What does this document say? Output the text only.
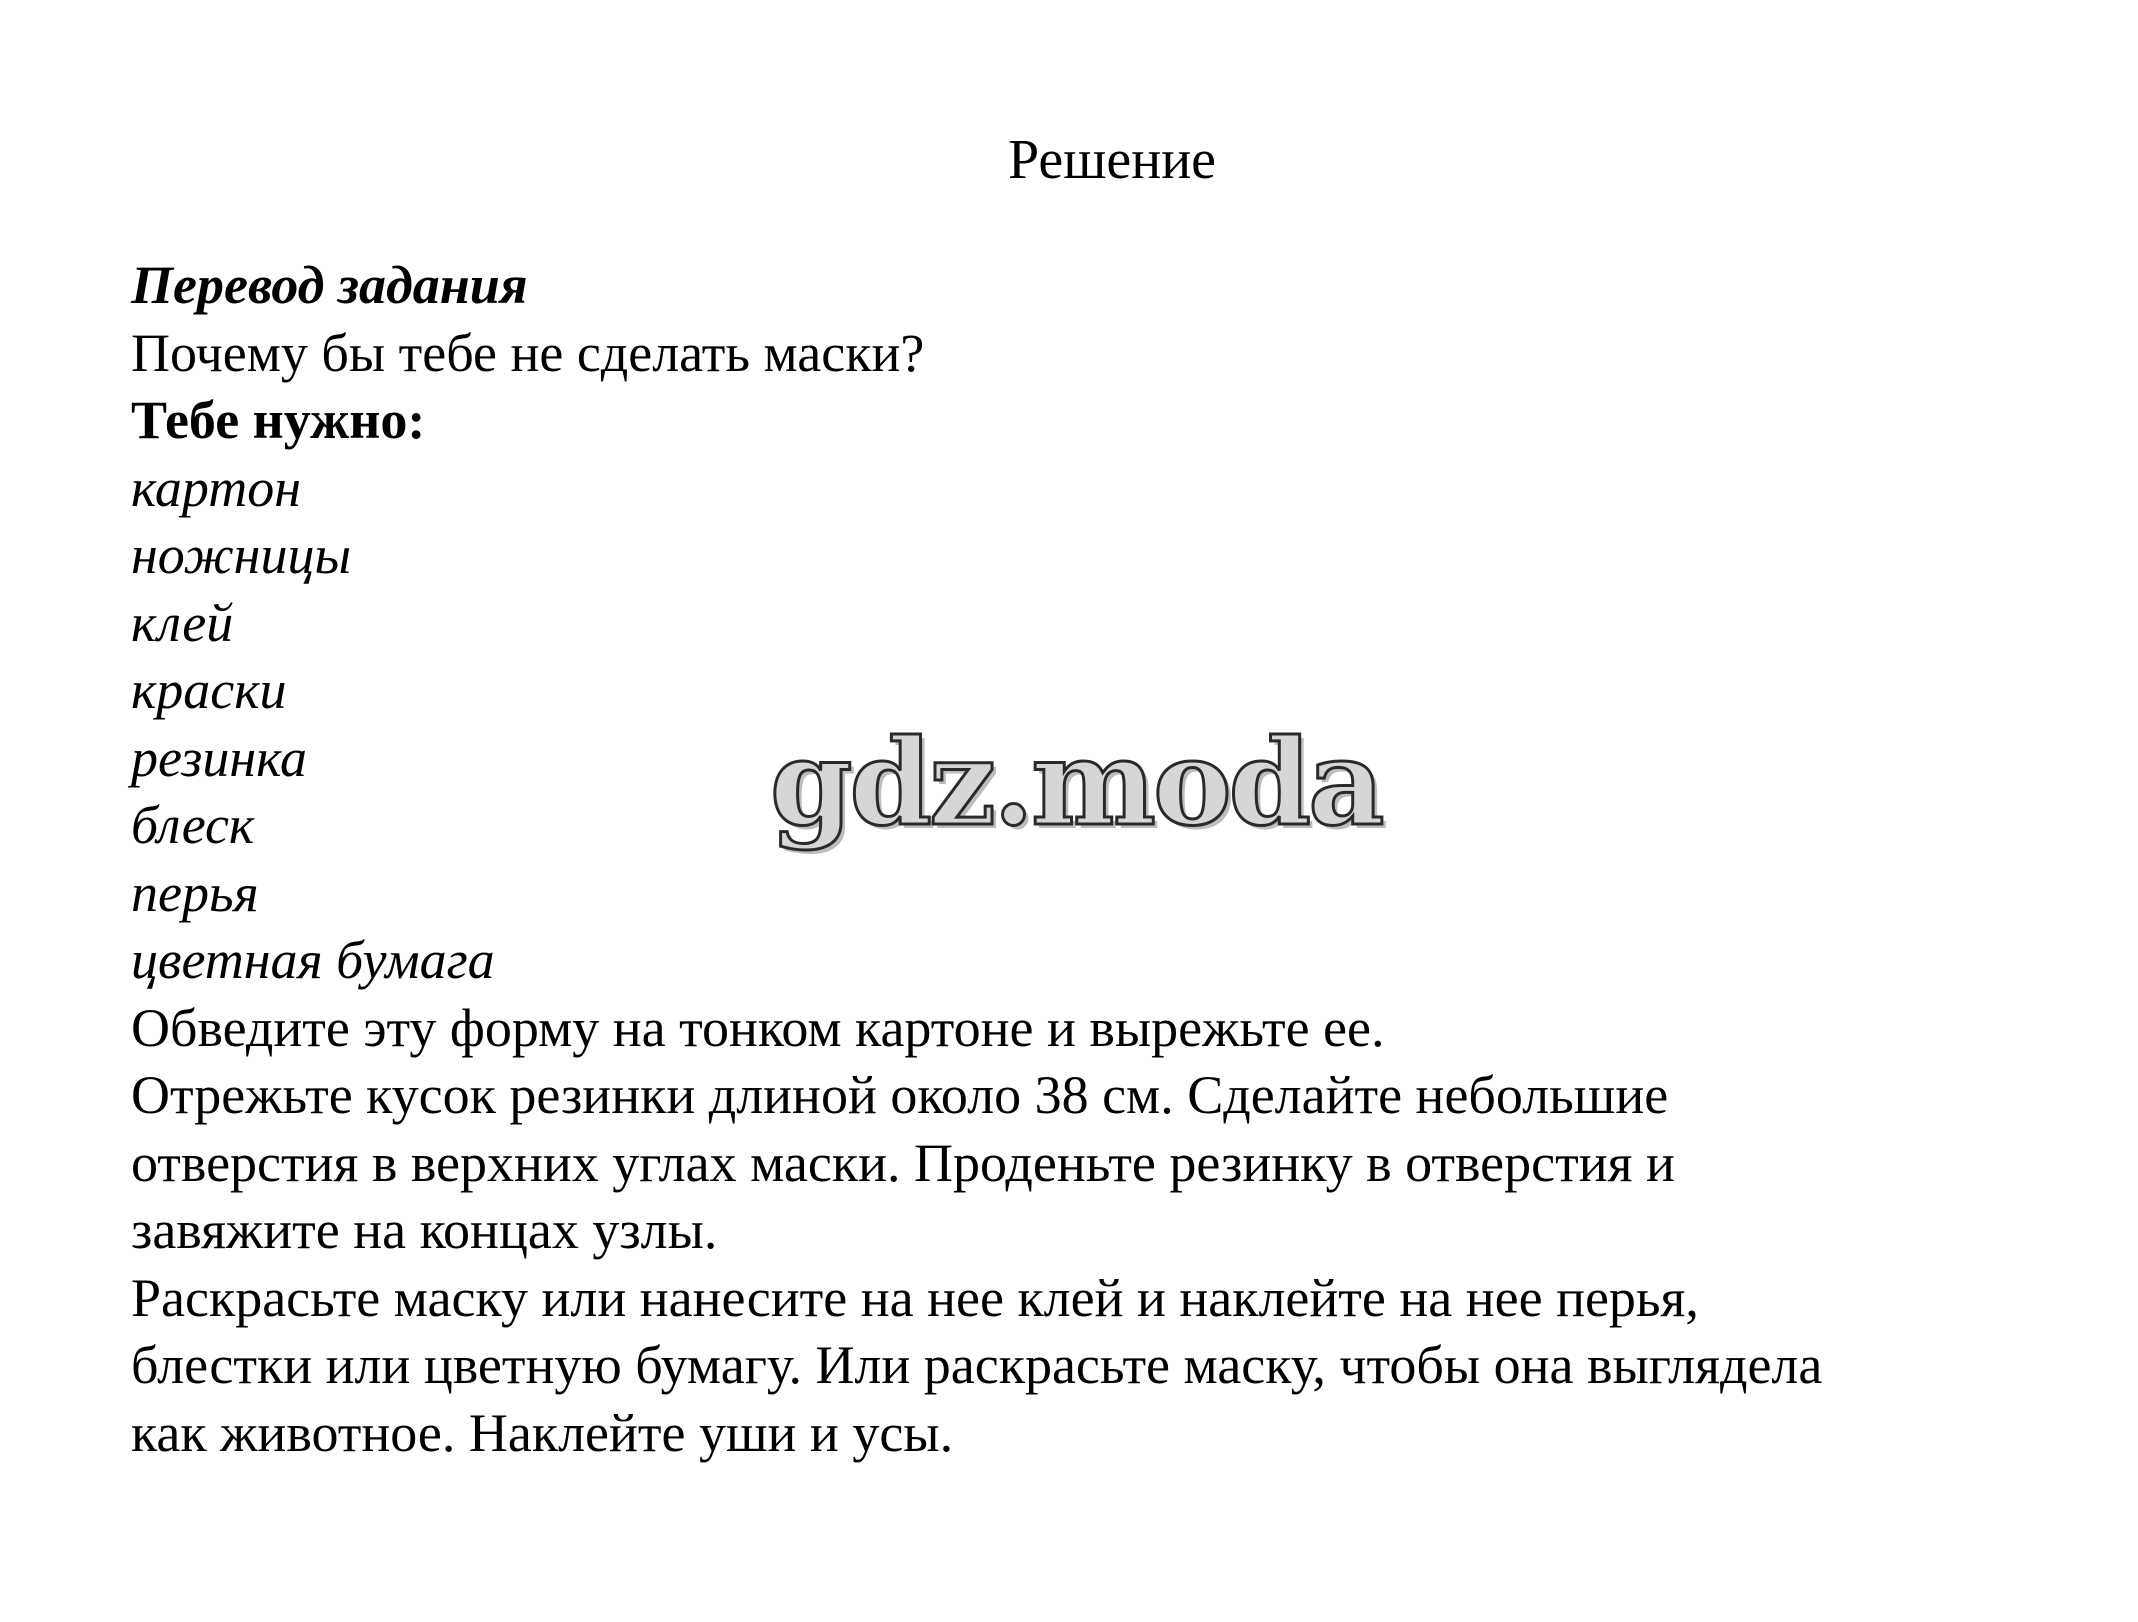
Решение

Перевод задания

Почему бы тебе не сделать маски?

Тебе нужно:

картон
ножницы
клей
краски
резинка
блеск
перья
цветная бумага

Обведите эту форму на тонком картоне и вырежьте ее.

Отрежьте кусок резинки длиной около 38 см. Сделайте небольшие

отверстия в верхних углах маски. Проденьте резинку в отверстия и

завяжите на концах узлы.

Раскрасьте маску или нанесите на нее клей и наклейте на нее перья,

блестки или цветную бумагу. Или раскрасьте маску, чтобы она выглядела

как животное. Наклейте уши и усы.

gdz.moda
